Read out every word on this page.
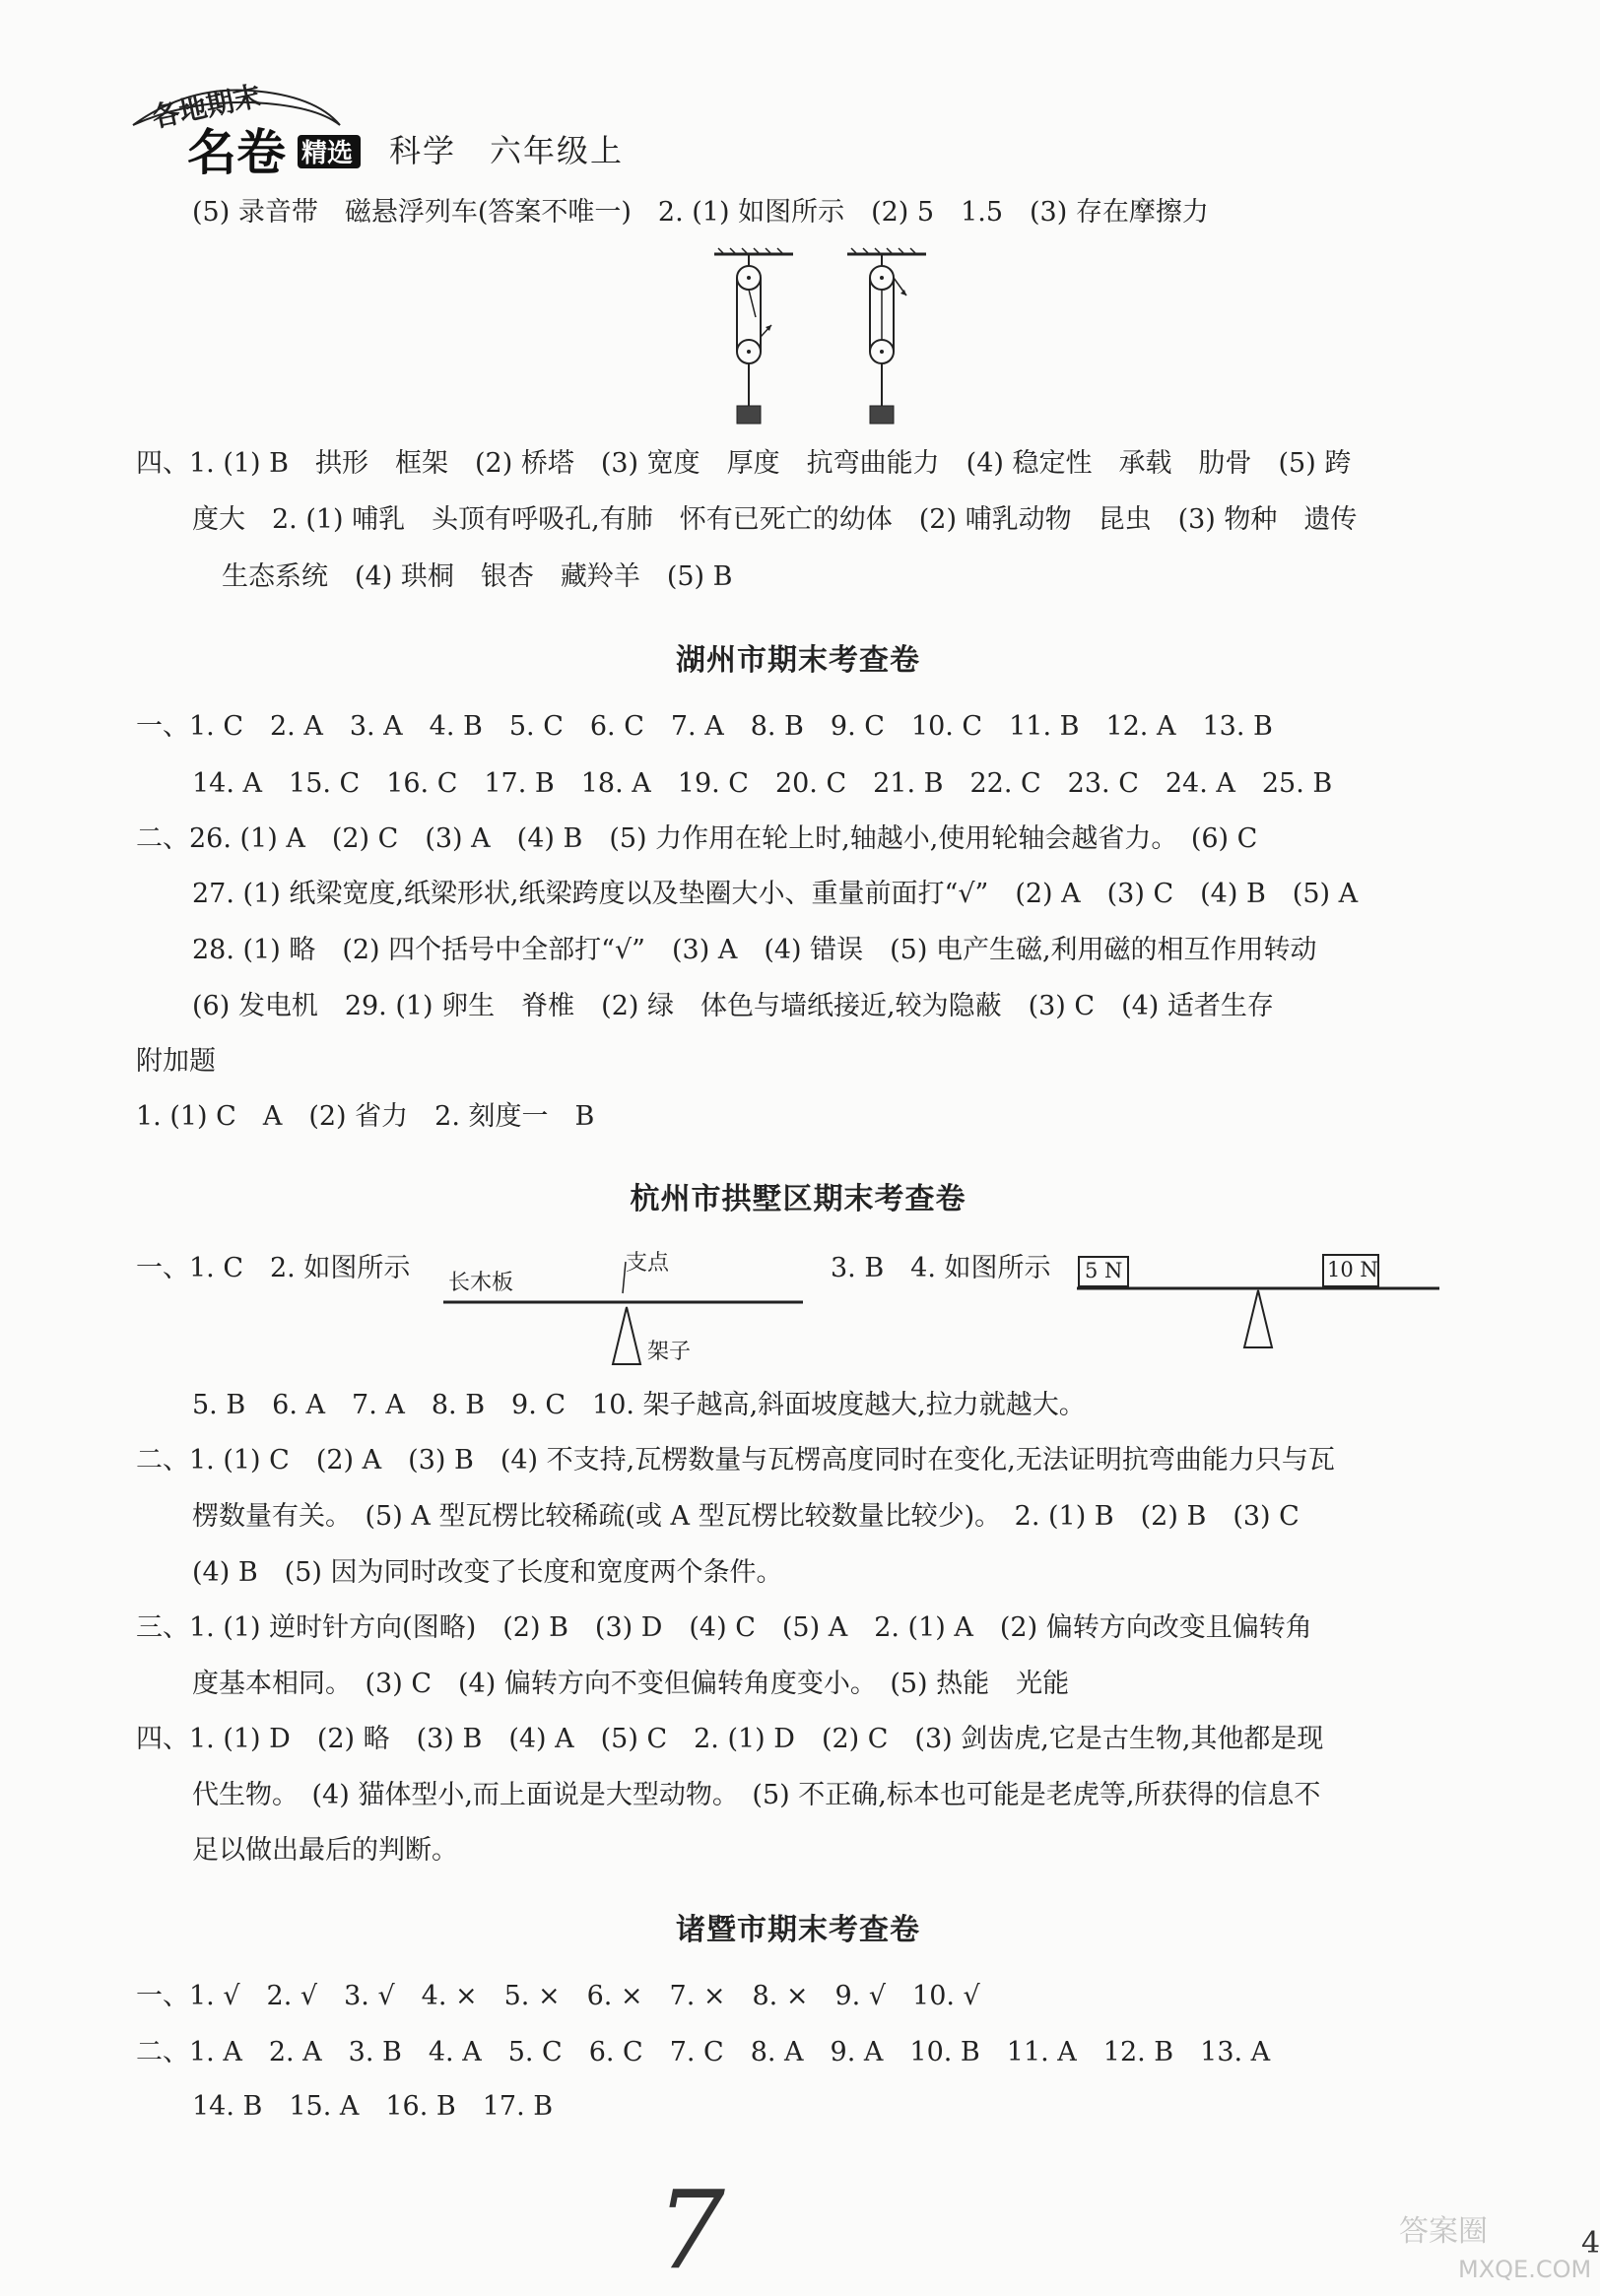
各地期末
名卷 精选 科学　六年级上
(5) 录音带　磁悬浮列车(答案不唯一)　2. (1) 如图所示　(2) 5　1.5　(3) 存在摩擦力
四、1. (1) B　拱形　框架　(2) 桥塔　(3) 宽度　厚度　抗弯曲能力　(4) 稳定性　承载　肋骨　(5) 跨
度大　2. (1) 哺乳　头顶有呼吸孔,有肺　怀有已死亡的幼体　(2) 哺乳动物　昆虫　(3) 物种　遗传
生态系统　(4) 珙桐　银杏　藏羚羊　(5) B
湖州市期末考查卷
一、1. C　2. A　3. A　4. B　5. C　6. C　7. A　8. B　9. C　10. C　11. B　12. A　13. B
14. A　15. C　16. C　17. B　18. A　19. C　20. C　21. B　22. C　23. C　24. A　25. B
二、26. (1) A　(2) C　(3) A　(4) B　(5) 力作用在轮上时,轴越小,使用轮轴会越省力。　(6) C
27. (1) 纸梁宽度,纸梁形状,纸梁跨度以及垫圈大小、重量前面打“√”　(2) A　(3) C　(4) B　(5) A
28. (1) 略　(2) 四个括号中全部打“√”　(3) A　(4) 错误　(5) 电产生磁,利用磁的相互作用转动
(6) 发电机　29. (1) 卵生　脊椎　(2) 绿　体色与墙纸接近,较为隐蔽　(3) C　(4) 适者生存
附加题
1. (1) C　A　(2) 省力　2. 刻度一　B
杭州市拱墅区期末考查卷
一、1. C　2. 如图所示	3. B　4. 如图所示
长木板
支点
架子
5 N	10 N
5. B　6. A　7. A　8. B　9. C　10. 架子越高,斜面坡度越大,拉力就越大。
二、1. (1) C　(2) A　(3) B　(4) 不支持,瓦楞数量与瓦楞高度同时在变化,无法证明抗弯曲能力只与瓦
楞数量有关。　(5) A 型瓦楞比较稀疏(或 A 型瓦楞比较数量比较少)。　2. (1) B　(2) B　(3) C
(4) B　(5) 因为同时改变了长度和宽度两个条件。
三、1. (1) 逆时针方向(图略)　(2) B　(3) D　(4) C　(5) A　2. (1) A　(2) 偏转方向改变且偏转角
度基本相同。　(3) C　(4) 偏转方向不变但偏转角度变小。　(5) 热能　光能
四、1. (1) D　(2) 略　(3) B　(4) A　(5) C　2. (1) D　(2) C　(3) 剑齿虎,它是古生物,其他都是现
代生物。　(4) 猫体型小,而上面说是大型动物。　(5) 不正确,标本也可能是老虎等,所获得的信息不
足以做出最后的判断。
诸暨市期末考查卷
一、1. √　2. √　3. √　4. ×　5. ×　6. ×　7. ×　8. ×　9. √　10. √
二、1. A　2. A　3. B　4. A　5. C　6. C　7. C　8. A　9. A　10. B　11. A　12. B　13. A
14. B　15. A　16. B　17. B
7	答案圈
MXQE.COM
4
